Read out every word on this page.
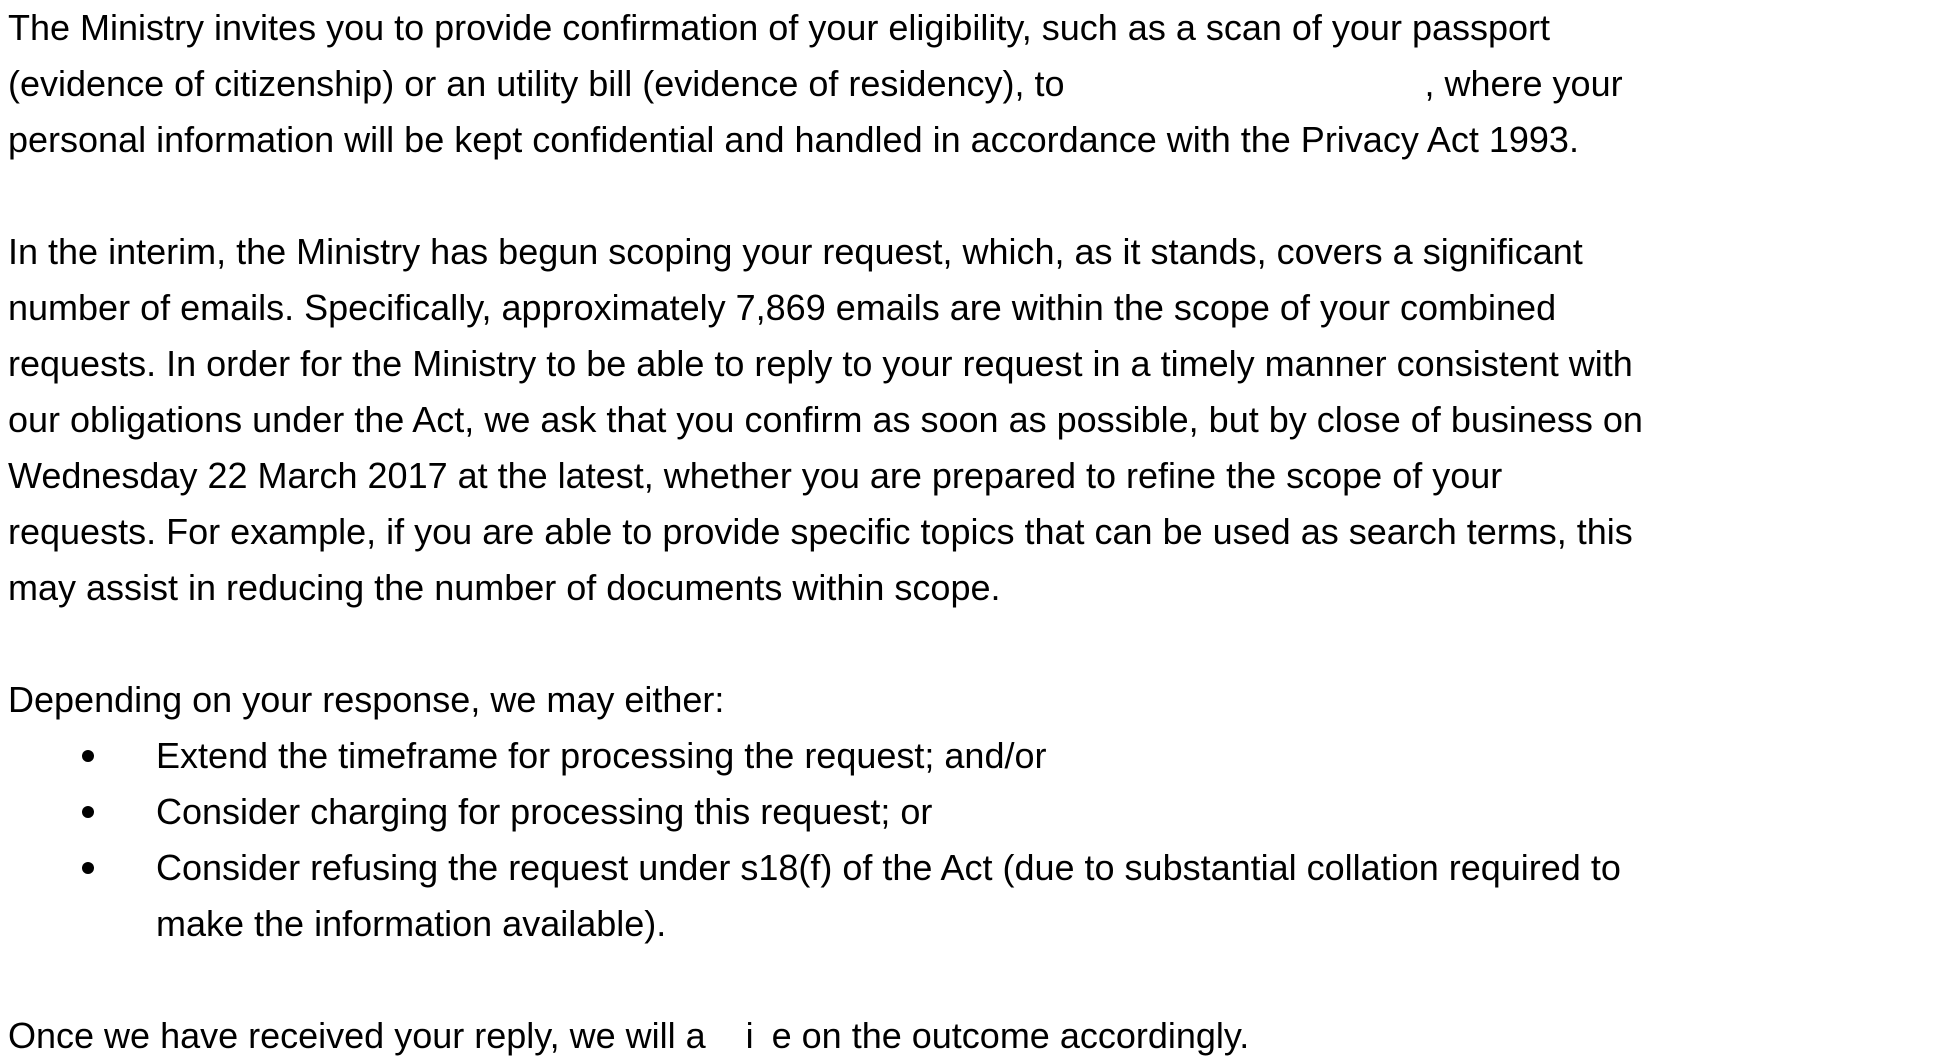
The Ministry invites you to provide confirmation of your eligibility, such as a scan of your passport
(evidence of citizenship) or an utility bill (evidence of residency), to	, where your
personal information will be kept confidential and handled in accordance with the Privacy Act 1993.

In the interim, the Ministry has begun scoping your request, which, as it stands, covers a significant
number of emails. Specifically, approximately 7,869 emails are within the scope of your combined
requests. In order for the Ministry to be able to reply to your request in a timely manner consistent with
our obligations under the Act, we ask that you confirm as soon as possible, but by close of business on
Wednesday 22 March 2017 at the latest, whether you are prepared to refine the scope of your
requests. For example, if you are able to provide specific topics that can be used as search terms, this
may assist in reducing the number of documents within scope.

Depending on your response, we may either:
Extend the timeframe for processing the request; and/or
Consider charging for processing this request; or
Consider refusing the request under s18(f) of the Act (due to substantial collation required to
make the information available).

Once we have received your reply, we will a i e on the outcome accordingly.
